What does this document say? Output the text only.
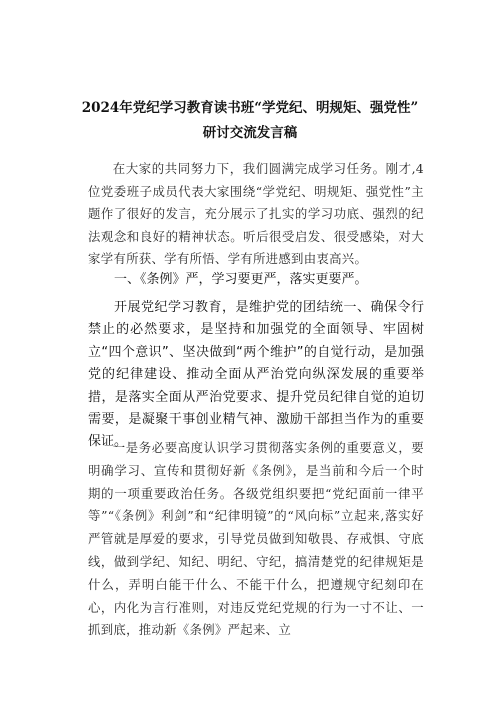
2024年党纪学习教育读书班“学党纪、明规矩、强党性”
研讨交流发言稿

在大家的共同努力下，我们圆满完成学习任务。刚才,4位党委班子成员代表大家围绕“学党纪、明规矩、强党性”主题作了很好的发言，充分展示了扎实的学习功底、强烈的纪法观念和良好的精神状态。听后很受启发、很受感染，对大家学有所获、学有所悟、学有所进感到由衷高兴。

一、《条例》严，学习要更严，落实更要严。

开展党纪学习教育，是维护党的团结统一、确保令行禁止的必然要求，是坚持和加强党的全面领导、牢固树立“四个意识”、坚决做到“两个维护”的自觉行动，是加强党的纪律建设、推动全面从严治党向纵深发展的重要举措，是落实全面从严治党要求、提升党员纪律自觉的迫切需要，是凝聚干事创业精气神、激励干部担当作为的重要保证。

一是务必要高度认识学习贯彻落实条例的重要意义，要明确学习、宣传和贯彻好新《条例》，是当前和今后一个时期的一项重要政治任务。各级党组织要把“党纪面前一律平等”“《条例》利剑”和“纪律明镜”的“风向标”立起来,落实好严管就是厚爱的要求，引导党员做到知敬畏、存戒惧、守底线，做到学纪、知纪、明纪、守纪，搞清楚党的纪律规矩是什么，弄明白能干什么、不能干什么，把遵规守纪刻印在心，内化为言行准则，对违反党纪党规的行为一寸不让、一抓到底，推动新《条例》严起来、立
